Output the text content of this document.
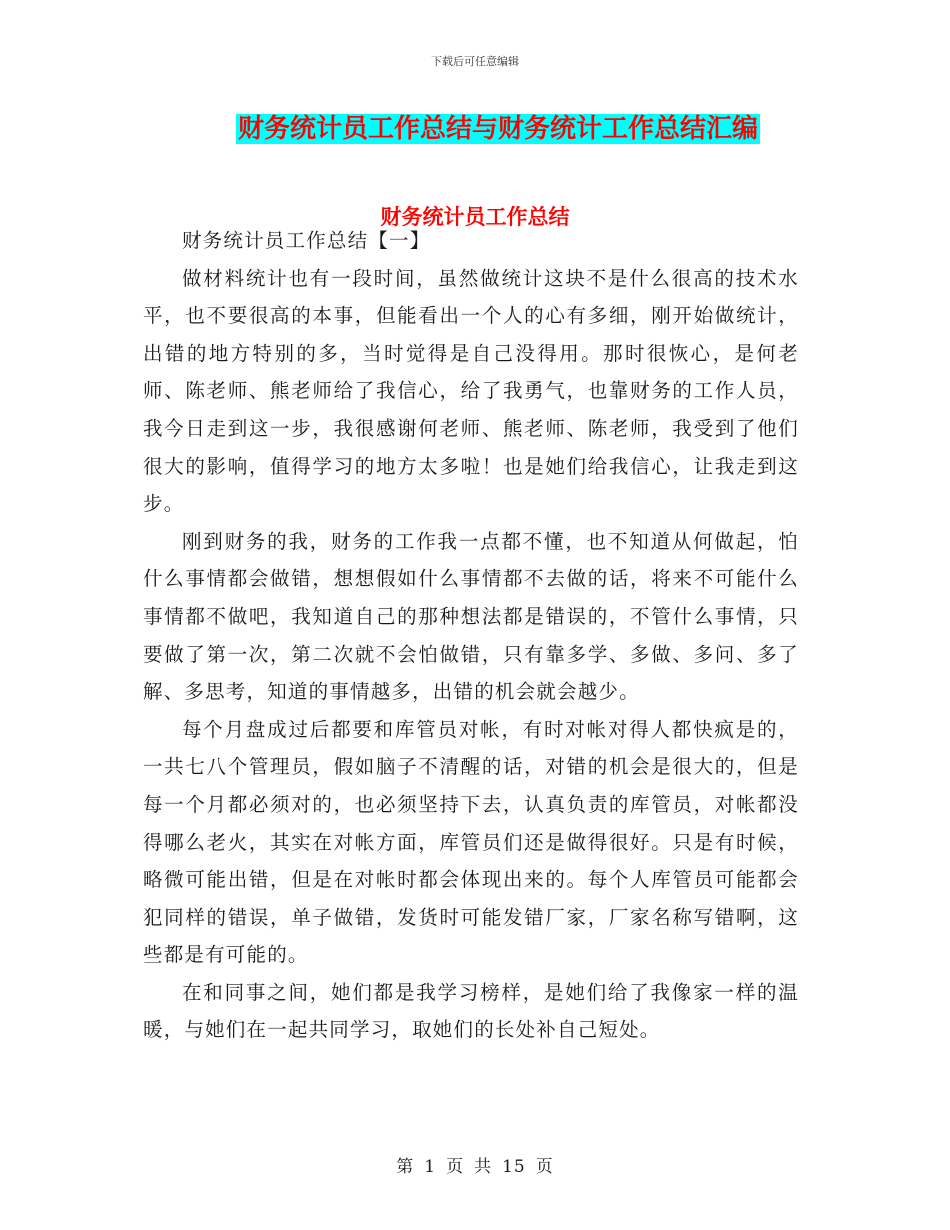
下载后可任意编辑
财务统计员工作总结与财务统计工作总结汇编
财务统计员工作总结

财务统计员工作总结【一】

做材料统计也有一段时间，虽然做统计这块不是什么很高的技术水平，也不要很高的本事，但能看出一个人的心有多细，刚开始做统计，出错的地方特别的多，当时觉得是自己没得用。那时很恢心，是何老师、陈老师、熊老师给了我信心，给了我勇气，也靠财务的工作人员，我今日走到这一步，我很感谢何老师、熊老师、陈老师，我受到了他们很大的影响，值得学习的地方太多啦！也是她们给我信心，让我走到这步。

刚到财务的我，财务的工作我一点都不懂，也不知道从何做起，怕什么事情都会做错，想想假如什么事情都不去做的话，将来不可能什么事情都不做吧，我知道自己的那种想法都是错误的，不管什么事情，只要做了第一次，第二次就不会怕做错，只有靠多学、多做、多问、多了解、多思考，知道的事情越多，出错的机会就会越少。

每个月盘成过后都要和库管员对帐，有时对帐对得人都快疯是的，一共七八个管理员，假如脑子不清醒的话，对错的机会是很大的，但是每一个月都必须对的，也必须坚持下去，认真负责的库管员，对帐都没得哪么老火，其实在对帐方面，库管员们还是做得很好。只是有时候，略微可能出错，但是在对帐时都会体现出来的。每个人库管员可能都会犯同样的错误，单子做错，发货时可能发错厂家，厂家名称写错啊，这些都是有可能的。

在和同事之间，她们都是我学习榜样，是她们给了我像家一样的温暖，与她们在一起共同学习，取她们的长处补自己短处。

第 1 页 共 15 页
